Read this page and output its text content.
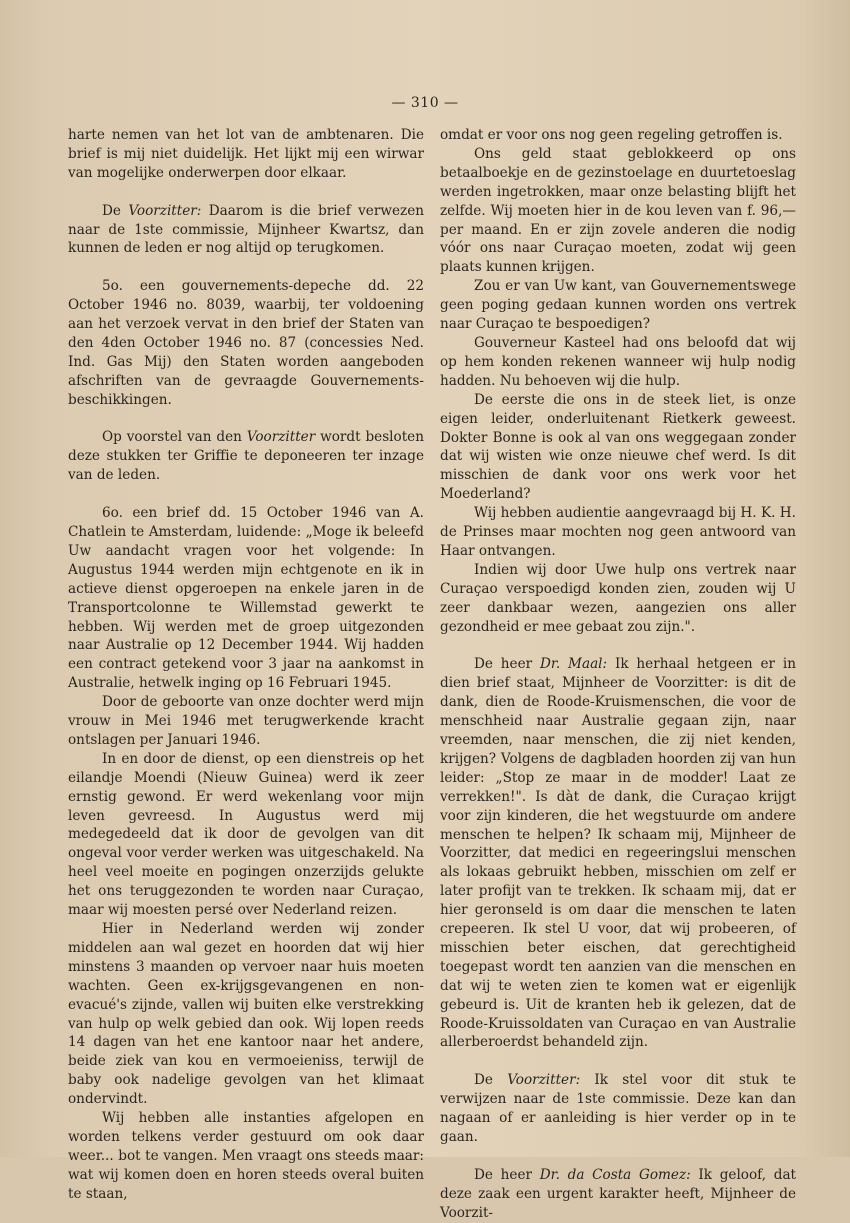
— 310 —

harte nemen van het lot van de ambtenaren. Die brief is mij niet duidelijk. Het lijkt mij een wirwar van mogelijke onderwerpen door elkaar.

De Voorzitter: Daarom is die brief verwezen naar de 1ste commissie, Mijnheer Kwartsz, dan kunnen de leden er nog altijd op terugkomen.

5o. een gouvernements-depeche dd. 22 October 1946 no. 8039, waarbij, ter voldoening aan het verzoek vervat in den brief der Staten van den 4den October 1946 no. 87 (concessies Ned. Ind. Gas Mij) den Staten worden aangeboden afschriften van de gevraagde Gouvernements-beschikkingen.

Op voorstel van den Voorzitter wordt besloten deze stukken ter Griffie te deponeeren ter inzage van de leden.

6o. een brief dd. 15 October 1946 van A. Chatlein te Amsterdam, luidende: „Moge ik beleefd Uw aandacht vragen voor het volgende: In Augustus 1944 werden mijn echtgenote en ik in actieve dienst opgeroepen na enkele jaren in de Transportcolonne te Willemstad gewerkt te hebben. Wij werden met de groep uitgezonden naar Australie op 12 December 1944. Wij hadden een contract getekend voor 3 jaar na aankomst in Australie, hetwelk inging op 16 Februari 1945.

Door de geboorte van onze dochter werd mijn vrouw in Mei 1946 met terugwerkende kracht ontslagen per Januari 1946.

In en door de dienst, op een dienstreis op het eilandje Moendi (Nieuw Guinea) werd ik zeer ernstig gewond. Er werd wekenlang voor mijn leven gevreesd. In Augustus werd mij medegedeeld dat ik door de gevolgen van dit ongeval voor verder werken was uitgeschakeld. Na heel veel moeite en pogingen onzerzijds gelukte het ons teruggezonden te worden naar Curaçao, maar wij moesten persé over Nederland reizen.

Hier in Nederland werden wij zonder middelen aan wal gezet en hoorden dat wij hier minstens 3 maanden op vervoer naar huis moeten wachten. Geen ex-krijgsgevangenen en non-evacué's zijnde, vallen wij buiten elke verstrekking van hulp op welk gebied dan ook. Wij lopen reeds 14 dagen van het ene kantoor naar het andere, beide ziek van kou en vermoeieniss, terwijl de baby ook nadelige gevolgen van het klimaat ondervindt.

Wij hebben alle instanties afgelopen en worden telkens verder gestuurd om ook daar weer... bot te vangen. Men vraagt ons steeds maar: wat wij komen doen en horen steeds overal buiten te staan,

omdat er voor ons nog geen regeling getroffen is.

Ons geld staat geblokkeerd op ons betaalboekje en de gezinstoelage en duurtetoeslag werden ingetrokken, maar onze belasting blijft het zelfde. Wij moeten hier in de kou leven van f. 96,— per maand. En er zijn zovele anderen die nodig vóór ons naar Curaçao moeten, zodat wij geen plaats kunnen krijgen.

Zou er van Uw kant, van Gouvernementswege geen poging gedaan kunnen worden ons vertrek naar Curaçao te bespoedigen?

Gouverneur Kasteel had ons beloofd dat wij op hem konden rekenen wanneer wij hulp nodig hadden. Nu behoeven wij die hulp.

De eerste die ons in de steek liet, is onze eigen leider, onderluitenant Rietkerk geweest. Dokter Bonne is ook al van ons weggegaan zonder dat wij wisten wie onze nieuwe chef werd. Is dit misschien de dank voor ons werk voor het Moederland?

Wij hebben audientie aangevraagd bij H. K. H. de Prinses maar mochten nog geen antwoord van Haar ontvangen.

Indien wij door Uwe hulp ons vertrek naar Curaçao verspoedigd konden zien, zouden wij U zeer dankbaar wezen, aangezien ons aller gezondheid er mee gebaat zou zijn.".

De heer Dr. Maal: Ik herhaal hetgeen er in dien brief staat, Mijnheer de Voorzitter: is dit de dank, dien de Roode-Kruismenschen, die voor de menschheid naar Australie gegaan zijn, naar vreemden, naar menschen, die zij niet kenden, krijgen? Volgens de dagbladen hoorden zij van hun leider: „Stop ze maar in de modder! Laat ze verrekken!". Is dàt de dank, die Curaçao krijgt voor zijn kinderen, die het wegstuurde om andere menschen te helpen? Ik schaam mij, Mijnheer de Voorzitter, dat medici en regeeringslui menschen als lokaas gebruikt hebben, misschien om zelf er later profijt van te trekken. Ik schaam mij, dat er hier geronseld is om daar die menschen te laten crepeeren. Ik stel U voor, dat wij probeeren, of misschien beter eischen, dat gerechtigheid toegepast wordt ten aanzien van die menschen en dat wij te weten zien te komen wat er eigenlijk gebeurd is. Uit de kranten heb ik gelezen, dat de Roode-Kruissoldaten van Curaçao en van Australie allerberoerdst behandeld zijn.

De Voorzitter: Ik stel voor dit stuk te verwijzen naar de 1ste commissie. Deze kan dan nagaan of er aanleiding is hier verder op in te gaan.

De heer Dr. da Costa Gomez: Ik geloof, dat deze zaak een urgent karakter heeft, Mijnheer de Voorzit-
